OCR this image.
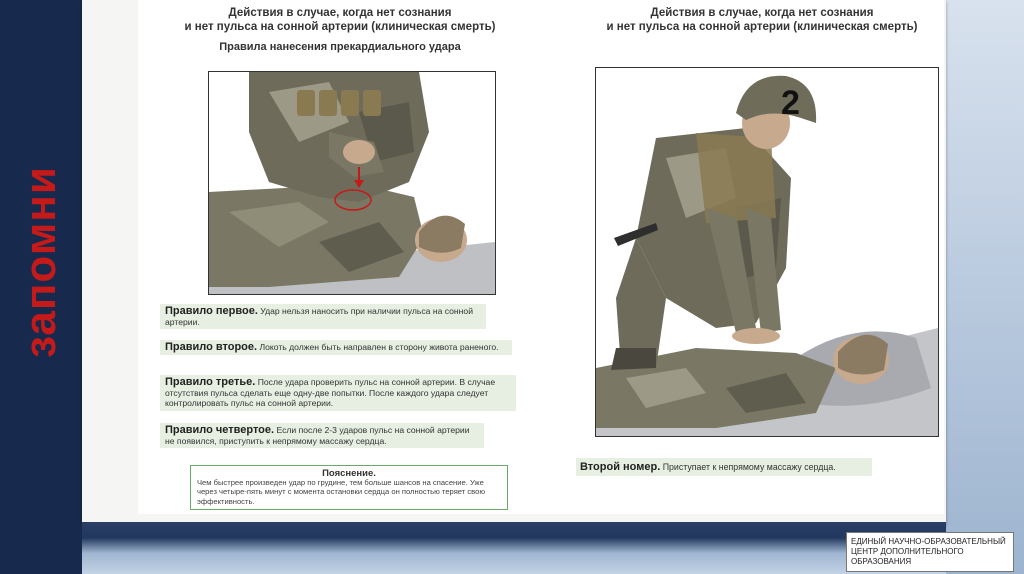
запомни
Действия в случае, когда нет сознания
и нет пульса на сонной артерии (клиническая смерть)
Правила нанесения прекардиального удара
Правило первое. Удар нельзя наносить при наличии пульса на сонной артерии.
Правило второе. Локоть должен быть направлен в сторону живота раненого.
Правило третье. После удара проверить пульс на сонной артерии. В случае отсутствия пульса сделать еще одну-две попытки. После каждого удара следует контролировать пульс на сонной артерии.
Правило четвертое. Если после 2-3 ударов пульс на сонной артерии не появился, приступить к непрямому массажу сердца.
Пояснение.
Чем быстрее произведен удар по грудине, тем больше шансов на спасение. Уже через четыре-пять минут с момента остановки сердца он полностью теряет свою эффективность.
Действия в случае, когда нет сознания
и нет пульса на сонной артерии (клиническая смерть)
2
Второй номер. Приступает к непрямому массажу сердца.
ЕДИНЫЙ НАУЧНО-ОБРАЗОВАТЕЛЬНЫЙ ЦЕНТР ДОПОЛНИТЕЛЬНОГО ОБРАЗОВАНИЯ
